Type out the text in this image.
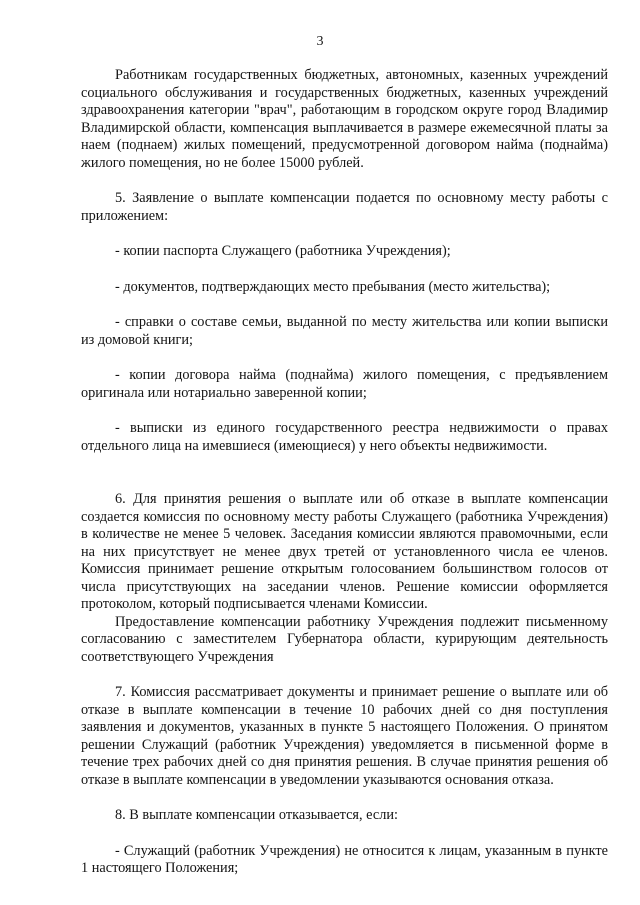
3

Работникам государственных бюджетных, автономных, казенных учреждений социального обслуживания и государственных бюджетных, казенных учреждений здравоохранения категории "врач", работающим в городском округе город Владимир Владимирской области, компенсация выплачивается в размере ежемесячной платы за наем (поднаем) жилых помещений, предусмотренной договором найма (поднайма) жилого помещения, но не более 15000 рублей.

5. Заявление о выплате компенсации подается по основному месту работы с приложением:

- копии паспорта Служащего (работника Учреждения);

- документов, подтверждающих место пребывания (место жительства);

- справки о составе семьи, выданной по месту жительства или копии выписки из домовой книги;

- копии договора найма (поднайма) жилого помещения, с предъявлением оригинала или нотариально заверенной копии;

- выписки из единого государственного реестра недвижимости о правах отдельного лица на имевшиеся (имеющиеся) у него объекты недвижимости.

6. Для принятия решения о выплате или об отказе в выплате компенсации создается комиссия по основному месту работы Служащего (работника Учреждения) в количестве не менее 5 человек. Заседания комиссии являются правомочными, если на них присутствует не менее двух третей от установленного числа ее членов. Комиссия принимает решение открытым голосованием большинством голосов от числа присутствующих на заседании членов. Решение комиссии оформляется протоколом, который подписывается членами Комиссии.

Предоставление компенсации работнику Учреждения подлежит письменному согласованию с заместителем Губернатора области, курирующим деятельность соответствующего Учреждения

7. Комиссия рассматривает документы и принимает решение о выплате или об отказе в выплате компенсации в течение 10 рабочих дней со дня поступления заявления и документов, указанных в пункте 5 настоящего Положения. О принятом решении Служащий (работник Учреждения) уведомляется в письменной форме в течение трех рабочих дней со дня принятия решения. В случае принятия решения об отказе в выплате компенсации в уведомлении указываются основания отказа.

8. В выплате компенсации отказывается, если:

- Служащий (работник Учреждения) не относится к лицам, указанным в пункте 1 настоящего Положения;
